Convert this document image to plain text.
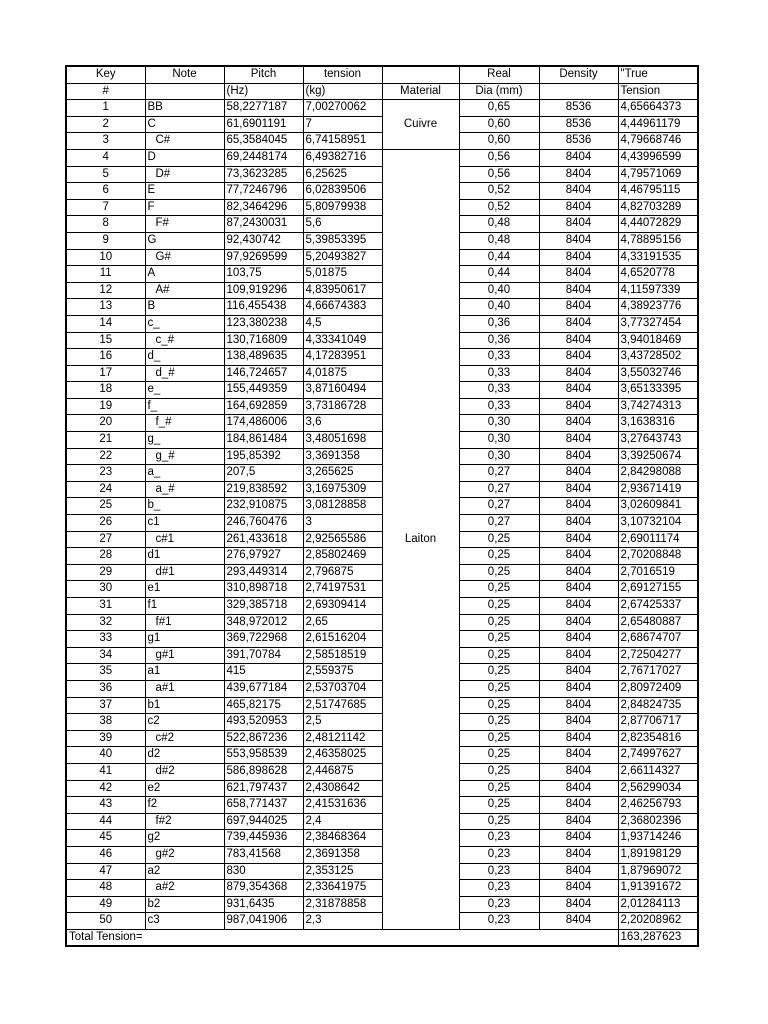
Key	Note	Pitch	tension		Real	Density	"True
#		(Hz)	(kg)	Material	Dia (mm)		Tension
1	BB	58,2277187	7,00270062	Cuivre	0,65	8536	4,65664373
2	C	61,6901191	7		0,60	8536	4,44961179
3	C#	65,3584045	6,74158951		0,60	8536	4,79668746
4	D	69,2448174	6,49382716	Laiton	0,56	8404	4,43996599
5	D#	73,3623285	6,25625		0,56	8404	4,79571069
6	E	77,7246796	6,02839506		0,52	8404	4,46795115
7	F	82,3464296	5,80979938		0,52	8404	4,82703289
8	F#	87,2430031	5,6		0,48	8404	4,44072829
9	G	92,430742	5,39853395		0,48	8404	4,78895156
10	G#	97,9269599	5,20493827		0,44	8404	4,33191535
11	A	103,75	5,01875		0,44	8404	4,6520778
12	A#	109,919296	4,83950617		0,40	8404	4,11597339
13	B	116,455438	4,66674383		0,40	8404	4,38923776
14	c_	123,380238	4,5		0,36	8404	3,77327454
15	c_#	130,716809	4,33341049		0,36	8404	3,94018469
16	d_	138,489635	4,17283951		0,33	8404	3,43728502
17	d_#	146,724657	4,01875		0,33	8404	3,55032746
18	e_	155,449359	3,87160494		0,33	8404	3,65133395
19	f_	164,692859	3,73186728		0,33	8404	3,74274313
20	f_#	174,486006	3,6		0,30	8404	3,1638316
21	g_	184,861484	3,48051698		0,30	8404	3,27643743
22	g_#	195,85392	3,3691358		0,30	8404	3,39250674
23	a_	207,5	3,265625		0,27	8404	2,84298088
24	a_#	219,838592	3,16975309		0,27	8404	2,93671419
25	b_	232,910875	3,08128858		0,27	8404	3,02609841
26	c1	246,760476	3		0,27	8404	3,10732104
27	c#1	261,433618	2,92565586		0,25	8404	2,69011174
28	d1	276,97927	2,85802469		0,25	8404	2,70208848
29	d#1	293,449314	2,796875		0,25	8404	2,7016519
30	e1	310,898718	2,74197531		0,25	8404	2,69127155
31	f1	329,385718	2,69309414		0,25	8404	2,67425337
32	f#1	348,972012	2,65		0,25	8404	2,65480887
33	g1	369,722968	2,61516204		0,25	8404	2,68674707
34	g#1	391,70784	2,58518519		0,25	8404	2,72504277
35	a1	415	2,559375		0,25	8404	2,76717027
36	a#1	439,677184	2,53703704		0,25	8404	2,80972409
37	b1	465,82175	2,51747685		0,25	8404	2,84824735
38	c2	493,520953	2,5		0,25	8404	2,87706717
39	c#2	522,867236	2,48121142		0,25	8404	2,82354816
40	d2	553,958539	2,46358025		0,25	8404	2,74997627
41	d#2	586,898628	2,446875		0,25	8404	2,66114327
42	e2	621,797437	2,4308642		0,25	8404	2,56299034
43	f2	658,771437	2,41531636		0,25	8404	2,46256793
44	f#2	697,944025	2,4		0,25	8404	2,36802396
45	g2	739,445936	2,38468364		0,23	8404	1,93714246
46	g#2	783,41568	2,3691358		0,23	8404	1,89198129
47	a2	830	2,353125		0,23	8404	1,87969072
48	a#2	879,354368	2,33641975		0,23	8404	1,91391672
49	b2	931,6435	2,31878858		0,23	8404	2,01284113
50	c3	987,041906	2,3		0,23	8404	2,20208962
Total Tension=							163,287623
